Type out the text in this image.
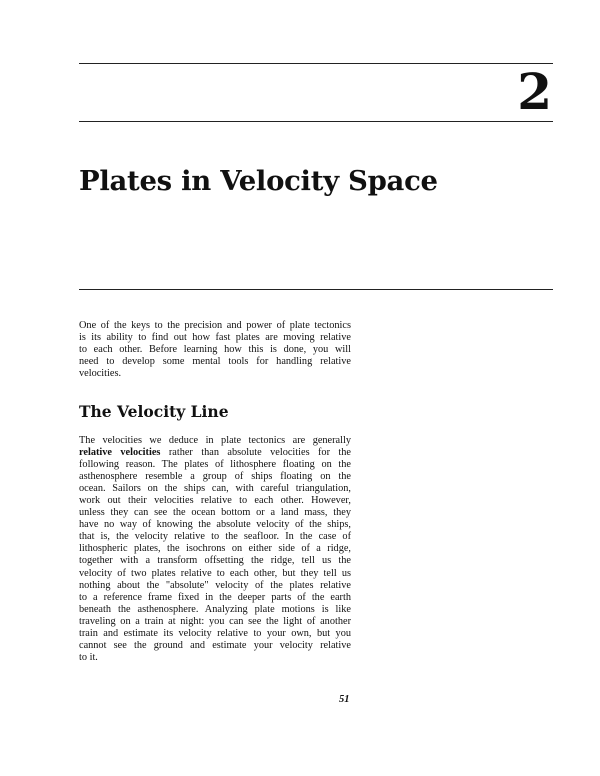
2
Plates in Velocity Space
One of the keys to the precision and power of plate tectonics
is its ability to find out how fast plates are moving relative
to each other. Before learning how this is done, you will
need to develop some mental tools for handling relative
velocities.
The Velocity Line
The velocities we deduce in plate tectonics are generally
relative velocities rather than absolute velocities for the
following reason. The plates of lithosphere floating on the
asthenosphere resemble a group of ships floating on the
ocean. Sailors on the ships can, with careful triangulation,
work out their velocities relative to each other. However,
unless they can see the ocean bottom or a land mass, they
have no way of knowing the absolute velocity of the ships,
that is, the velocity relative to the seafloor. In the case of
lithospheric plates, the isochrons on either side of a ridge,
together with a transform offsetting the ridge, tell us the
velocity of two plates relative to each other, but they tell us
nothing about the "absolute" velocity of the plates relative
to a reference frame fixed in the deeper parts of the earth
beneath the asthenosphere. Analyzing plate motions is like
traveling on a train at night: you can see the light of another
train and estimate its velocity relative to your own, but you
cannot see the ground and estimate your velocity relative
to it.
51
